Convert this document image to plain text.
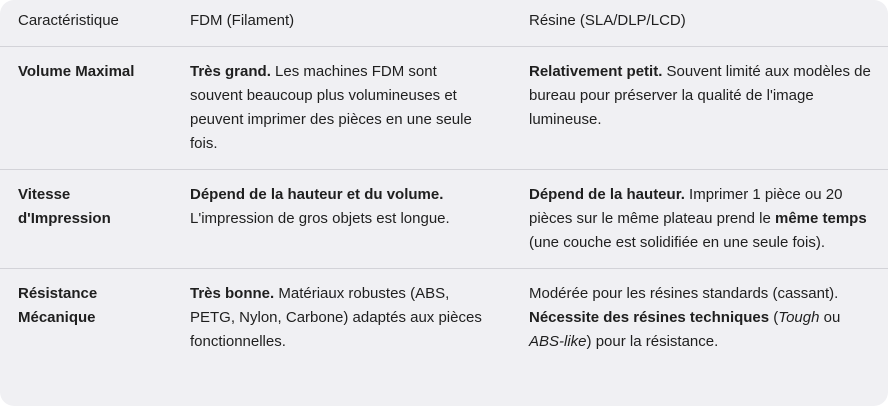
Caractéristique	FDM (Filament)	Résine (SLA/DLP/LCD)
Volume Maximal	Très grand. Les machines FDM sont souvent beaucoup plus volumineuses et peuvent imprimer des pièces en une seule fois.	Relativement petit. Souvent limité aux modèles de bureau pour préserver la qualité de l'image lumineuse.
Vitesse d'Impression	Dépend de la hauteur et du volume. L'impression de gros objets est longue.	Dépend de la hauteur. Imprimer 1 pièce ou 20 pièces sur le même plateau prend le même temps (une couche est solidifiée en une seule fois).
Résistance Mécanique	Très bonne. Matériaux robustes (ABS, PETG, Nylon, Carbone) adaptés aux pièces fonctionnelles.	Modérée pour les résines standards (cassant). Nécessite des résines techniques (Tough ou ABS-like) pour la résistance.
